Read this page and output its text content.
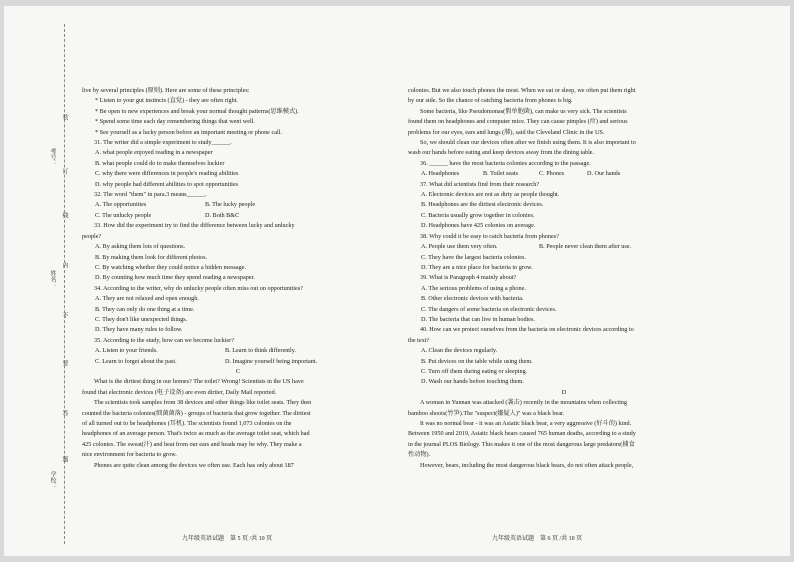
考号：
姓名：
学校：
装
订
线
内
不
要
答
题

live by several principles (原则). Here are some of these principles:

* Listen to your gut instincts (直觉) - they are often right.

* Be open to new experiences and break your normal thought patterns(思维模式).

* Spend some time each day remembering things that went well.

* See yourself as a lucky person before an important meeting or phone call.

31. The writer did a simple experiment to study______.

A. what people enjoyed reading in a newspaper

B. what people could do to make themselves luckier

C. why there were differences in people's reading abilities

D. why people had different abilities to spot opportunities

32. The word "them" in para.3 means______.

A. The opportunities	B. The lucky people
C. The unlucky people	D. Both B&C

33. How did the experiment try to find the difference between lucky and unlucky

people?

A. By asking them lots of questions.

B. By making them look for different photos.

C. By watching whether they could notice a hidden message.

D. By counting how much time they spend reading a newspaper.

34. According to the writer, why do unlucky people often miss out on opportunities?

A. They are not relaxed and open enough.

B. They can only do one thing at a time.

C. They don't like unexpected things.

D. They have many rules to follow.

35. According to the study, how can we become luckier?

A. Listen to your friends.	B. Learn to think differently.
C. Learn to forget about the past.	D. Imagine yourself being important.

C

What is the dirtiest thing in our homes? The toilet? Wrong! Scientists in the US have

found that electronic devices (电子设备) are even dirtier, Daily Mail reported.

The scientists took samples from 38 devices and other things like toilet seats. They then

counted the bacteria colonies(细菌菌落) - groups of bacteria that grow together. The dirtiest

of all turned out to be headphones (耳机). The scientists found 1,073 colonies on the

headphones of an average person. That's twice as much as the average toilet seat, which had

425 colonies. The sweat(汗) and heat from our ears and heads may be why. They make a

nice environment for bacteria to grow.

Phones are quite clean among the devices we often use. Each has only about 187

九年级英语试题　第 5 页 /共 10 页

colonies. But we also touch phones the most. When we eat or sleep, we often put them right

by our side. So the chance of catching bacteria from phones is big.

Some bacteria, like Pseudomonas(假单胞菌), can make us very sick. The scientists

found them on headphones and computer mice. They can cause pimples (疖) and serious

problems for our eyes, ears and lungs (肺), said the Cleveland Clinic in the US.

So, we should clean our devices often after we finish using them. It is also important to

wash our hands before eating and keep devices away from the dining table.

36. ______ have the most bacteria colonies according to the passage.

A. Headphones	B. Toilet seats	C. Phones	D. Our hands

37. What did scientists find from their research?

A. Electronic devices are not as dirty as people thought.

B. Headphones are the dirtiest electronic devices.

C. Bacteria usually grow together in colonies.

D. Headphones have 425 colonies on average.

38. Why could it be easy to catch bacteria from phones?

A. People use them very often.	B. People never clean them after use.

C. They have the largest bacteria colonies.

D. They are a nice place for bacteria to grow.

39. What is Paragraph 4 mainly about?

A. The serious problems of using a phone.

B. Other electronic devices with bacteria.

C. The dangers of some bacteria on electronic devices.

D. The bacteria that can live in human bodies.

40. How can we protect ourselves from the bacteria on electronic devices according to

the text?

A. Clean the devices regularly.

B. Put devices on the table while using them.

C. Turn off them during eating or sleeping.

D. Wash our hands before touching them.

D

A woman in Yunnan was attacked (袭击) recently in the mountains when collecting

bamboo shoots(竹笋).The "suspect(嫌疑人)" was a black bear.

It was no normal bear - it was an Asiatic black bear, a very aggressive (好斗的) kind.

Between 1950 and 2019, Asiatic black bears caused 765 human deaths, according to a study

in the journal PLOS Biology. This makes it one of the most dangerous large predators(捕食

性动物).

However, bears, including the most dangerous black bears, do not often attack people,

九年级英语试题　第 6 页 /共 10 页
